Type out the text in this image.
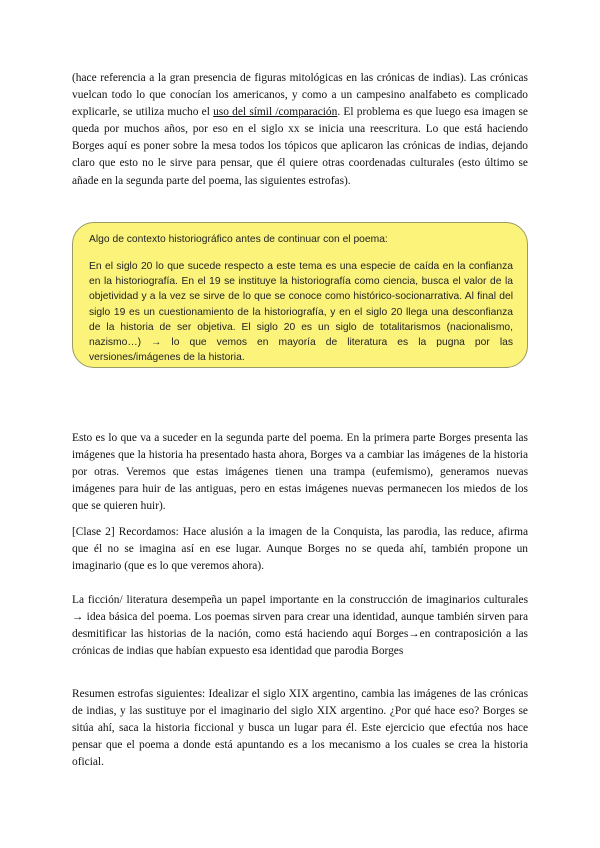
(hace referencia a la gran presencia de figuras mitológicas en las crónicas de indias). Las crónicas vuelcan todo lo que conocían los americanos, y como a un campesino analfabeto es complicado explicarle, se utiliza mucho el uso del símil /comparación. El problema es que luego esa imagen se queda por muchos años, por eso en el siglo xx se inicia una reescritura. Lo que está haciendo Borges aquí es poner sobre la mesa todos los tópicos que aplicaron las crónicas de indias, dejando claro que esto no le sirve para pensar, que él quiere otras coordenadas culturales (esto último se añade en la segunda parte del poema, las siguientes estrofas).

Algo de contexto historiográfico antes de continuar con el poema:

En el siglo 20 lo que sucede respecto a este tema es una especie de caída en la confianza en la historiografía. En el 19 se instituye la historiografía como ciencia, busca el valor de la objetividad y a la vez se sirve de lo que se conoce como histórico-socionarrativa. Al final del siglo 19 es un cuestionamiento de la historiografía, y en el siglo 20 llega una desconfianza de la historia de ser objetiva. El siglo 20 es un siglo de totalitarismos (nacionalismo, nazismo…) → lo que vemos en mayoría de literatura es la pugna por las versiones/imágenes de la historia.

Esto es lo que va a suceder en la segunda parte del poema. En la primera parte Borges presenta las imágenes que la historia ha presentado hasta ahora, Borges va a cambiar las imágenes de la historia por otras. Veremos que estas imágenes tienen una trampa (eufemismo), generamos nuevas imágenes para huir de las antiguas, pero en estas imágenes nuevas permanecen los miedos de los que se quieren huir).

[Clase 2] Recordamos: Hace alusión a la imagen de la Conquista, las parodia, las reduce, afirma que él no se imagina así en ese lugar. Aunque Borges no se queda ahí, también propone un imaginario (que es lo que veremos ahora).

La ficción/ literatura desempeña un papel importante en la construcción de imaginarios culturales → idea básica del poema. Los poemas sirven para crear una identidad, aunque también sirven para desmitificar las historias de la nación, como está haciendo aquí Borges→en contraposición a las crónicas de indias que habían expuesto esa identidad que parodia Borges

Resumen estrofas siguientes: Idealizar el siglo XIX argentino, cambia las imágenes de las crónicas de indias, y las sustituye por el imaginario del siglo XIX argentino. ¿Por qué hace eso? Borges se sitúa ahí, saca la historia ficcional y busca un lugar para él. Este ejercicio que efectúa nos hace pensar que el poema a donde está apuntando es a los mecanismo a los cuales se crea la historia oficial.
